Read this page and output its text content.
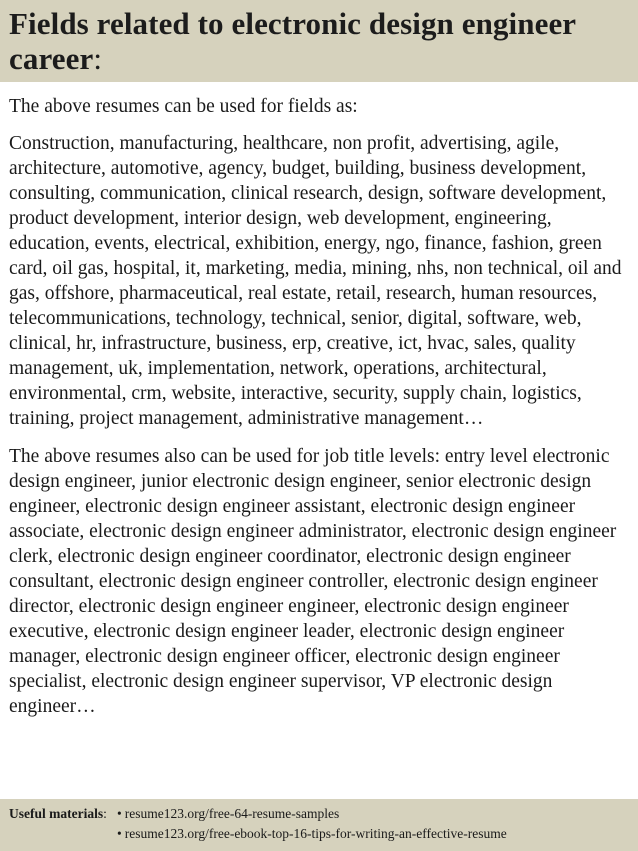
Fields related to electronic design engineer career:

The above resumes can be used for fields as:

Construction, manufacturing, healthcare, non profit, advertising, agile, architecture, automotive, agency, budget, building, business development, consulting, communication, clinical research, design, software development, product development, interior design, web development, engineering, education, events, electrical, exhibition, energy, ngo, finance, fashion, green card, oil gas, hospital, it, marketing, media, mining, nhs, non technical, oil and gas, offshore, pharmaceutical, real estate, retail, research, human resources, telecommunications, technology, technical, senior, digital, software, web, clinical, hr, infrastructure, business, erp, creative, ict, hvac, sales, quality management, uk, implementation, network, operations, architectural, environmental, crm, website, interactive, security, supply chain, logistics, training, project management, administrative management…

The above resumes also can be used for job title levels: entry level electronic design engineer, junior electronic design engineer, senior electronic design engineer, electronic design engineer assistant, electronic design engineer associate, electronic design engineer administrator, electronic design engineer clerk, electronic design engineer coordinator, electronic design engineer consultant, electronic design engineer controller, electronic design engineer director, electronic design engineer engineer, electronic design engineer executive, electronic design engineer leader, electronic design engineer manager, electronic design engineer officer, electronic design engineer specialist, electronic design engineer supervisor, VP electronic design engineer…

Useful materials: • resume123.org/free-64-resume-samples
• resume123.org/free-ebook-top-16-tips-for-writing-an-effective-resume
